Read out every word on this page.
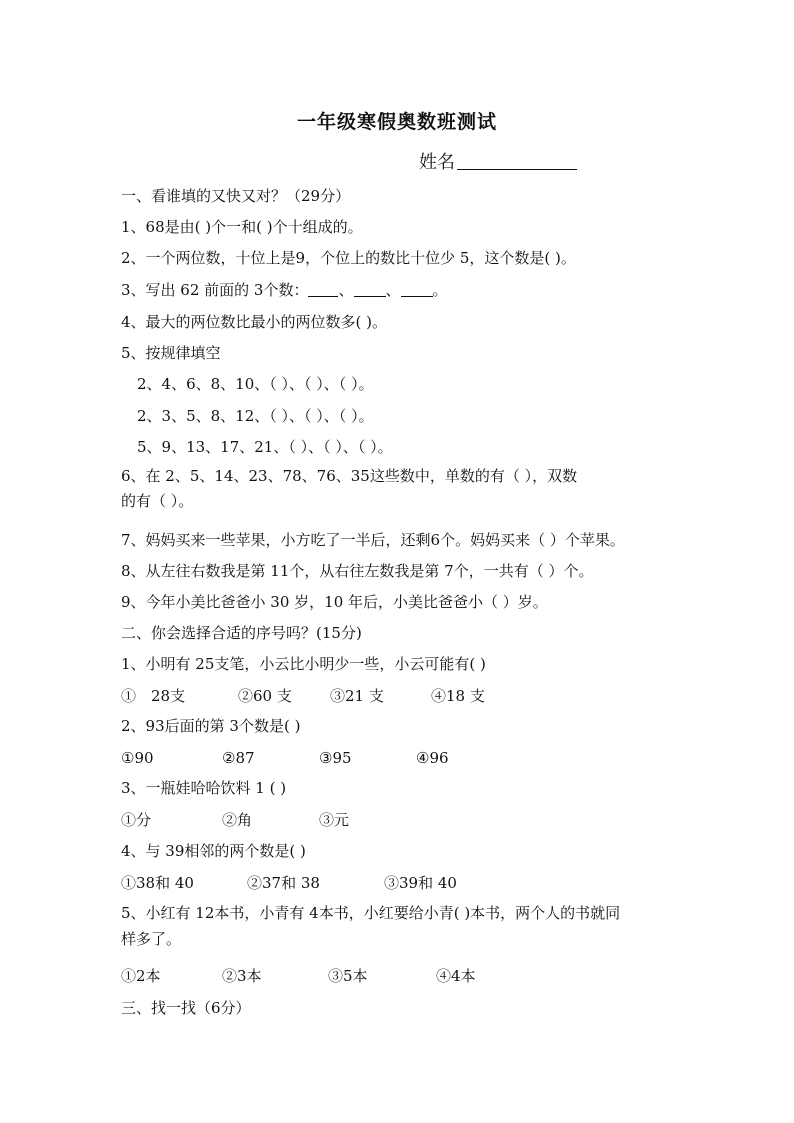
一年级寒假奥数班测试
姓名
一、看谁填的又快又对？（29分）
1、68是由( )个一和( )个十组成的。
2、一个两位数，十位上是9，个位上的数比十位少 5，这个数是( )。
3、写出 62 前面的 3个数： 、 、 。
4、最大的两位数比最小的两位数多( )。
5、按规律填空
2、4、6、8、10、（ ）、（ ）、（ ）。
2、3、5、8、12、（ ）、（ ）、（ ）。
5、9、13、17、21、（ ）、（ ）、（ ）。
6、在 2、5、14、23、78、76、35这些数中，单数的有（ ），双数
的有（ ）。
7、妈妈买来一些苹果，小方吃了一半后，还剩6个。妈妈买来（ ）个苹果。
8、从左往右数我是第 11个，从右往左数我是第 7个，一共有（ ）个。
9、今年小美比爸爸小 30 岁，10 年后，小美比爸爸小（ ）岁。
二、你会选择合适的序号吗？(15分)
1、小明有 25支笔，小云比小明少一些，小云可能有( )
①　28支	②60 支	③21 支	④18 支
2、93后面的第 3个数是( )
①90	②87	③95	④96
3、一瓶娃哈哈饮料 1 ( )
①分	②角	③元
4、与 39相邻的两个数是( )
①38和 40	②37和 38	③39和 40
5、小红有 12本书，小青有 4本书，小红要给小青( )本书，两个人的书就同
样多了。
①2本	②3本	③5本	④4本
三、找一找（6分）
